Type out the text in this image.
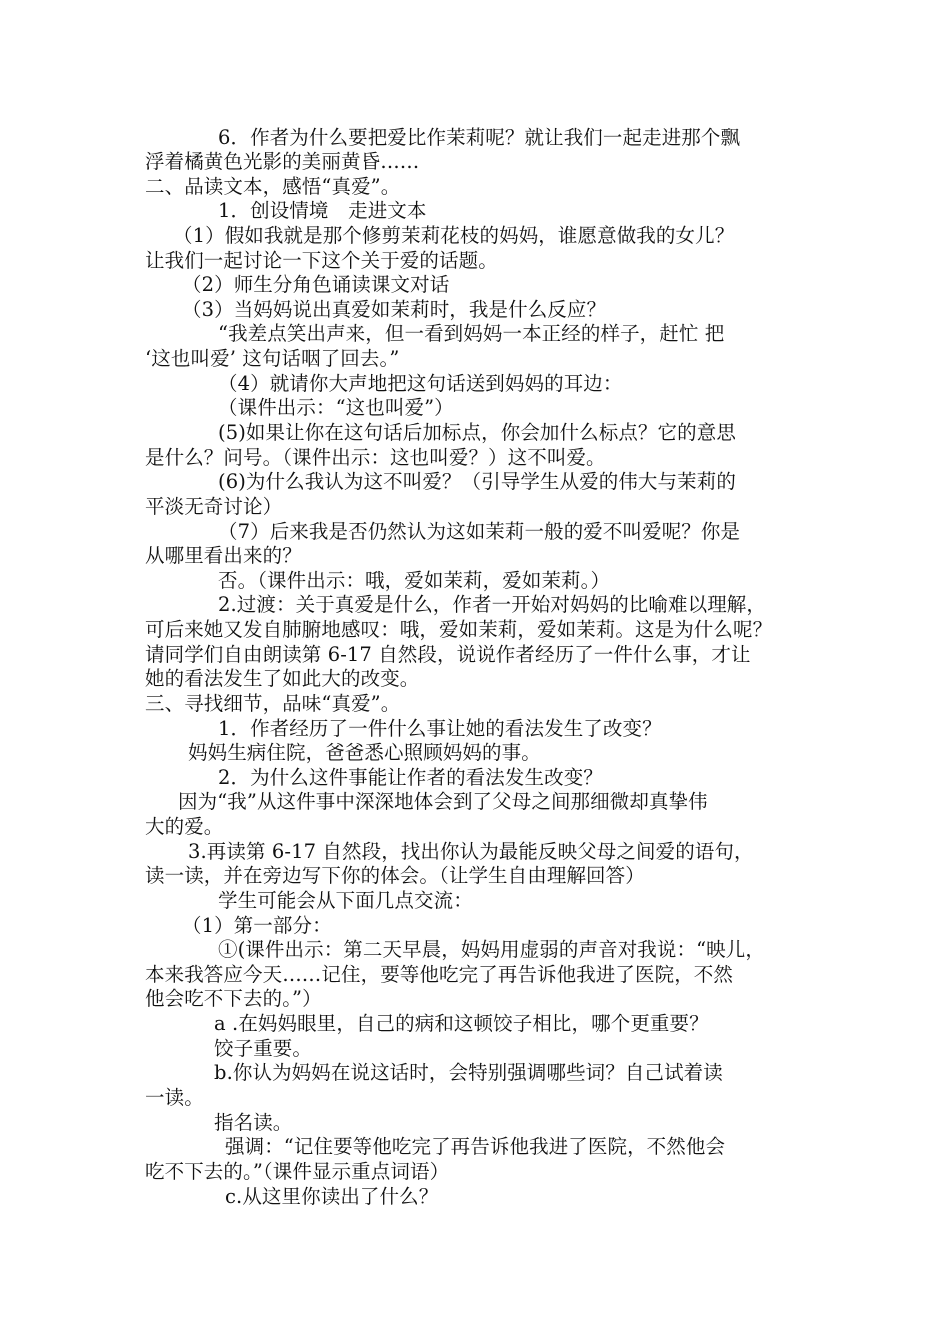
6．作者为什么要把爱比作茉莉呢？就让我们一起走进那个飘
浮着橘黄色光影的美丽黄昏……
二、品读文本，感悟“真爱”。
1．创设情境　走进文本
（1）假如我就是那个修剪茉莉花枝的妈妈，谁愿意做我的女儿？
让我们一起讨论一下这个关于爱的话题。
（2）师生分角色诵读课文对话
（3）当妈妈说出真爱如茉莉时，我是什么反应？
“我差点笑出声来，但一看到妈妈一本正经的样子，赶忙 把
‘这也叫爱’ 这句话咽了回去。”
（4）就请你大声地把这句话送到妈妈的耳边：
（课件出示：“这也叫爱”）
(5)如果让你在这句话后加标点，你会加什么标点？它的意思
是什么？问号。（课件出示：这也叫爱？）这不叫爱。
(6)为什么我认为这不叫爱？（引导学生从爱的伟大与茉莉的
平淡无奇讨论）
（7）后来我是否仍然认为这如茉莉一般的爱不叫爱呢？你是
从哪里看出来的？
否。（课件出示：哦，爱如茉莉，爱如茉莉。）
2.过渡：关于真爱是什么，作者一开始对妈妈的比喻难以理解，
可后来她又发自肺腑地感叹：哦，爱如茉莉，爱如茉莉。这是为什么呢？
请同学们自由朗读第 6-17 自然段，说说作者经历了一件什么事，才让
她的看法发生了如此大的改变。
三、寻找细节，品味“真爱”。
1．作者经历了一件什么事让她的看法发生了改变？
妈妈生病住院，爸爸悉心照顾妈妈的事。
2．为什么这件事能让作者的看法发生改变？
因为“我”从这件事中深深地体会到了父母之间那细微却真挚伟
大的爱。
3.再读第 6-17 自然段，找出你认为最能反映父母之间爱的语句，
读一读，并在旁边写下你的体会。（让学生自由理解回答）
学生可能会从下面几点交流：
（1）第一部分：
①(课件出示：第二天早晨，妈妈用虚弱的声音对我说：“映儿，
本来我答应今天……记住，要等他吃完了再告诉他我进了医院，不然
他会吃不下去的。”）
a .在妈妈眼里，自己的病和这顿饺子相比，哪个更重要？
饺子重要。
b.你认为妈妈在说这话时，会特别强调哪些词？自己试着读
一读。
指名读。
强调：“记住要等他吃完了再告诉他我进了医院，不然他会
吃不下去的。”（课件显示重点词语）
c.从这里你读出了什么？
